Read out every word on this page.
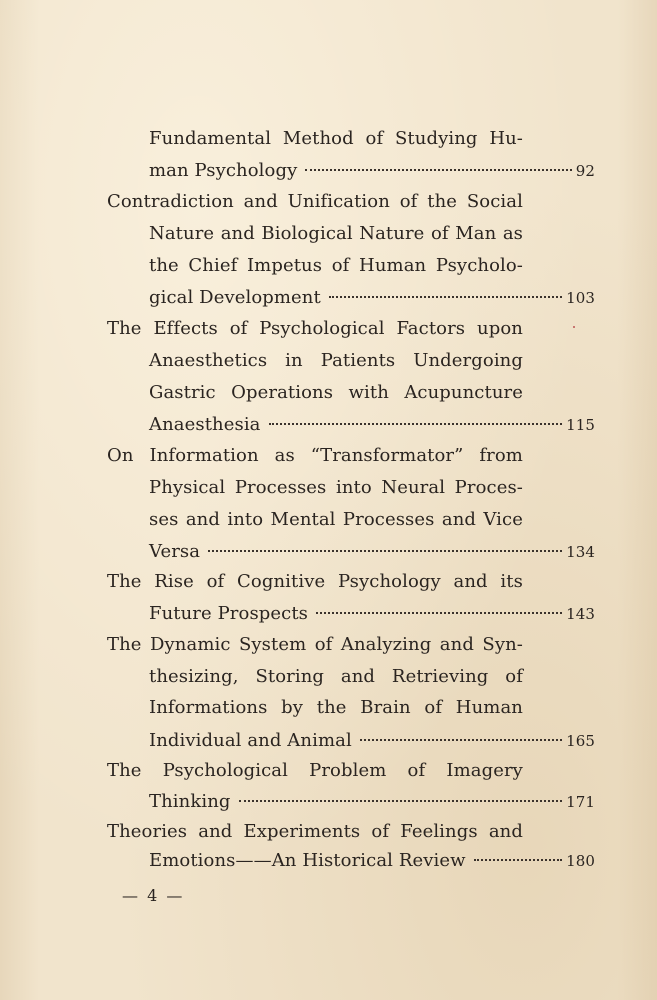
Fundamental Method of Studying Hu-
man Psychology	92
Contradiction and Unification of the Social
Nature and Biological Nature of Man as
the Chief Impetus of Human Psycholo-
gical Development	103
The Effects of Psychological Factors upon
Anaesthetics in Patients Undergoing
Gastric Operations with Acupuncture
Anaesthesia	115
On Information as “Transformator” from
Physical Processes into Neural Proces-
ses and into Mental Processes and Vice
Versa	134
The Rise of Cognitive Psychology and its
Future Prospects	143
The Dynamic System of Analyzing and Syn-
thesizing, Storing and Retrieving of
Informations by the Brain of Human
Individual and Animal	165
The Psychological Problem of Imagery
Thinking	171
Theories and Experiments of Feelings and
Emotions——An Historical Review	180
— 4 —
